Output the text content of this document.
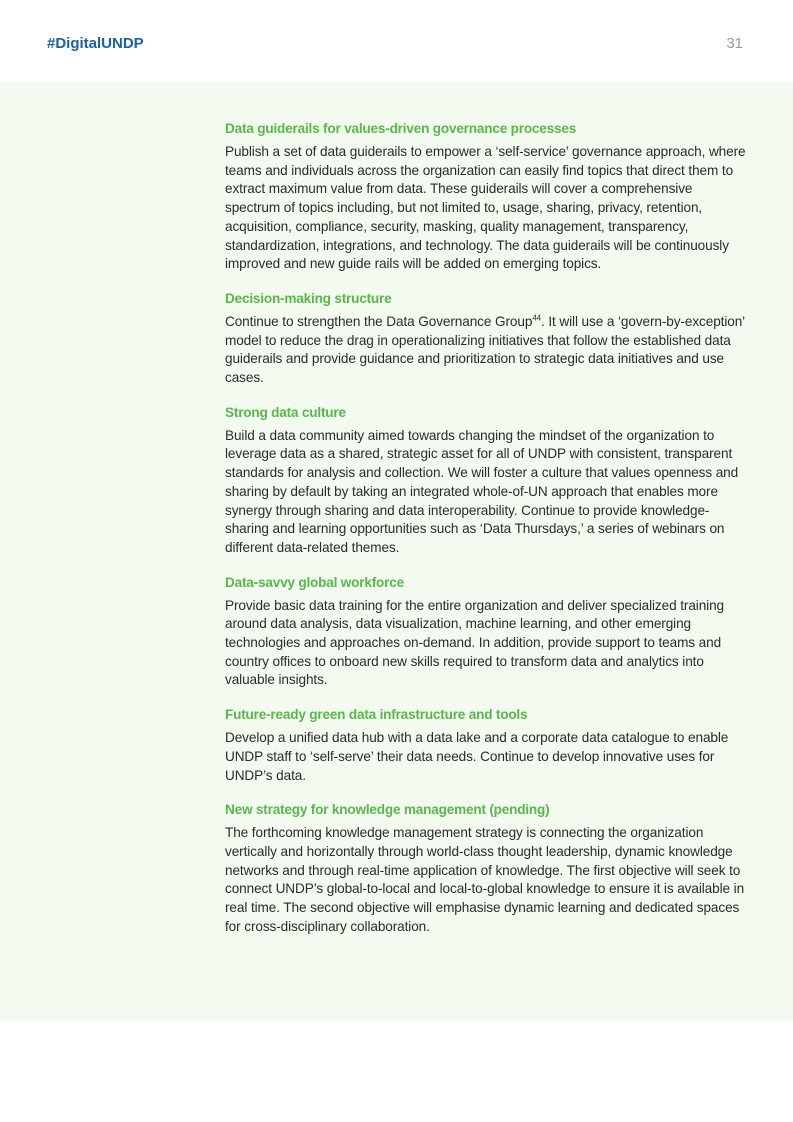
#DigitalUNDP	31
Data guiderails for values-driven governance processes

Publish a set of data guiderails to empower a ‘self-service’ governance approach, where teams and individuals across the organization can easily find topics that direct them to extract maximum value from data. These guiderails will cover a comprehensive spectrum of topics including, but not limited to, usage, sharing, privacy, retention, acquisition, compliance, security, masking, quality management, transparency, standardization, integrations, and technology. The data guiderails will be continuously improved and new guide rails will be added on emerging topics.

Decision-making structure

Continue to strengthen the Data Governance Group$^{44}$. It will use a ‘govern-by-exception’ model to reduce the drag in operationalizing initiatives that follow the established data guiderails and provide guidance and prioritization to strategic data initiatives and use cases.

Strong data culture

Build a data community aimed towards changing the mindset of the organization to leverage data as a shared, strategic asset for all of UNDP with consistent, transparent standards for analysis and collection. We will foster a culture that values openness and sharing by default by taking an integrated whole-of-UN approach that enables more synergy through sharing and data interoperability. Continue to provide knowledge-sharing and learning opportunities such as ‘Data Thursdays,’ a series of webinars on different data-related themes.

Data-savvy global workforce

Provide basic data training for the entire organization and deliver specialized training around data analysis, data visualization, machine learning, and other emerging technologies and approaches on-demand. In addition, provide support to teams and country offices to onboard new skills required to transform data and analytics into valuable insights.

Future-ready green data infrastructure and tools

Develop a unified data hub with a data lake and a corporate data catalogue to enable UNDP staff to ‘self-serve’ their data needs. Continue to develop innovative uses for UNDP’s data.

New strategy for knowledge management (pending)

The forthcoming knowledge management strategy is connecting the organization vertically and horizontally through world-class thought leadership, dynamic knowledge networks and through real-time application of knowledge. The first objective will seek to connect UNDP’s global-to-local and local-to-global knowledge to ensure it is available in real time. The second objective will emphasise dynamic learning and dedicated spaces for cross-disciplinary collaboration.
